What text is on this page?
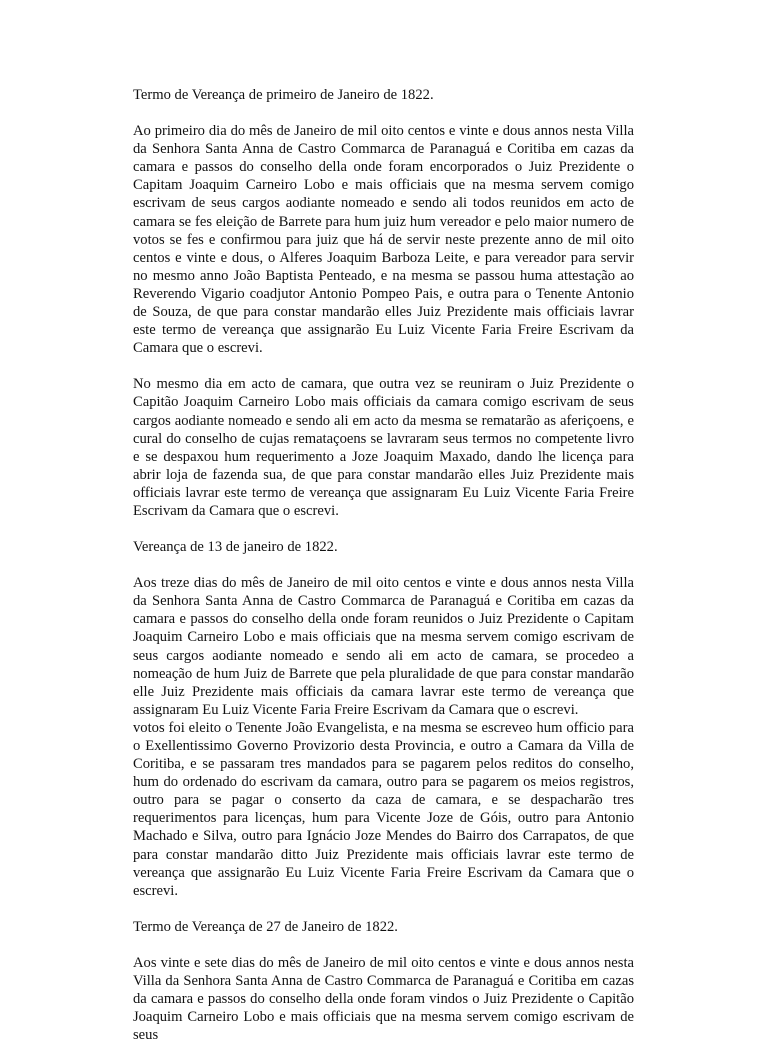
Termo de Vereança de primeiro de Janeiro de 1822.

Ao primeiro dia do mês de Janeiro de mil oito centos e vinte e dous annos nesta Villa da Senhora Santa Anna de Castro Commarca de Paranaguá e Coritiba em cazas da camara e passos do conselho della onde foram encorporados o Juiz Prezidente o Capitam Joaquim Carneiro Lobo e mais officiais que na mesma servem comigo escrivam de seus cargos aodiante nomeado e sendo ali todos reunidos em acto de camara se fes eleição de Barrete para hum juiz hum vereador e pelo maior numero de votos se fes e confirmou para juiz que há de servir neste prezente anno de mil oito centos e vinte e dous, o Alferes Joaquim Barboza Leite, e para vereador para servir no mesmo anno João Baptista Penteado, e na mesma se passou huma attestação ao Reverendo Vigario coadjutor Antonio Pompeo Pais, e outra para o Tenente Antonio de Souza, de que para constar mandarão elles Juiz Prezidente mais officiais lavrar este termo de vereança que assignarão Eu Luiz Vicente Faria Freire Escrivam da Camara que o escrevi.

No mesmo dia em acto de camara, que outra vez se reuniram o Juiz Prezidente o Capitão Joaquim Carneiro Lobo mais officiais da camara comigo escrivam de seus cargos aodiante nomeado e sendo ali em acto da mesma se rematarão as aferiçoens, e cural do conselho de cujas remataçoens se lavraram seus termos no competente livro e se despaxou hum requerimento a Joze Joaquim Maxado, dando lhe licença para abrir loja de fazenda sua, de que para constar mandarão elles Juiz Prezidente mais officiais lavrar este termo de vereança que assignaram Eu Luiz Vicente Faria Freire Escrivam da Camara que o escrevi.

Vereança de 13 de janeiro de 1822.

Aos treze dias do mês de Janeiro de mil oito centos e vinte e dous annos nesta Villa da Senhora Santa Anna de Castro Commarca de Paranaguá e Coritiba em cazas da camara e passos do conselho della onde foram reunidos o Juiz Prezidente o Capitam Joaquim Carneiro Lobo e mais officiais que na mesma servem comigo escrivam de seus cargos aodiante nomeado e sendo ali em acto de camara, se procedeo a nomeação de hum Juiz de Barrete que pela pluralidade de que para constar mandarão elle Juiz Prezidente mais officiais da camara lavrar este termo de vereança que assignaram Eu Luiz Vicente Faria Freire Escrivam da Camara que o escrevi.

votos foi eleito o Tenente João Evangelista, e na mesma se escreveo hum officio para o Exellentissimo Governo Provizorio desta Provincia, e outro a Camara da Villa de Coritiba, e se passaram tres mandados para se pagarem pelos reditos do conselho, hum do ordenado do escrivam da camara, outro para se pagarem os meios registros, outro para se pagar o conserto da caza de camara, e se despacharão tres requerimentos para licenças, hum para Vicente Joze de Góis, outro para Antonio Machado e Silva, outro para Ignácio Joze Mendes do Bairro dos Carrapatos, de que para constar mandarão ditto Juiz Prezidente mais officiais lavrar este termo de vereança que assignarão Eu Luiz Vicente Faria Freire Escrivam da Camara que o escrevi.

Termo de Vereança de 27 de Janeiro de 1822.

Aos vinte e sete dias do mês de Janeiro de mil oito centos e vinte e dous annos nesta Villa da Senhora Santa Anna de Castro Commarca de Paranaguá e Coritiba em cazas da camara e passos do conselho della onde foram vindos o Juiz Prezidente o Capitão Joaquim Carneiro Lobo e mais officiais que na mesma servem comigo escrivam de seus
